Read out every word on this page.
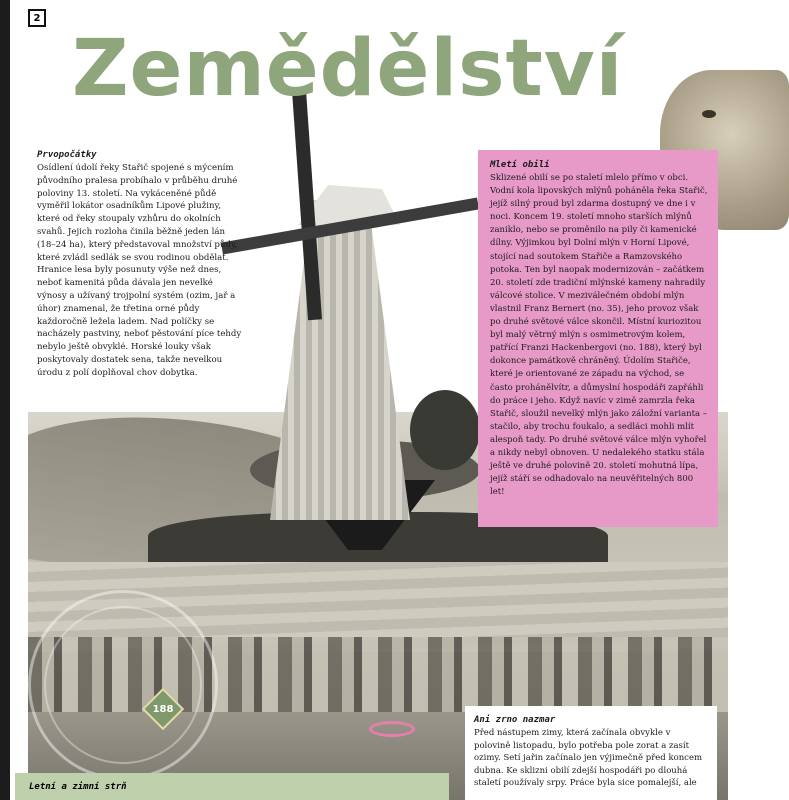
2
188
Zemědělství
Prvopočátky

Osídlení údolí řeky Stařič spojené s mýcením původního pralesa probíhalo v průběhu druhé poloviny 13. století. Na vykáceněné půdě vyměřil lokátor osadníkům Lipové plužiny, které od řeky stoupaly vzhůru do okolních svahů. Jejich rozloha činila běžně jeden lán (18–24 ha), který představoval množství půdy, které zvládl sedlák se svou rodinou obdělat. Hranice lesa byly posunuty výše než dnes, neboť kamenitá půda dávala jen nevelké výnosy a užívaný trojpolní systém (ozim, jař a úhor) znamenal, že třetina orné půdy každoročně ležela ladem. Nad políčky se nacházely pastviny, neboť pěstování píce tehdy nebylo ještě obvyklé. Horské louky však poskytovaly dostatek sena, takže nevelkou úrodu z polí doplňoval chov dobytka.

Mletí obilí

Sklizené obilí se po staletí mlelo přímo v obci. Vodní kola lipovských mlýnů poháněla řeka Stařič, jejíž silný proud byl zdarma dostupný ve dne i v noci. Koncem 19. století mnoho starších mlýnů zaniklo, nebo se proměnilo na pily či kamenické dílny. Výjimkou byl Dolní mlýn v Horní Lipové, stojící nad soutokem Stařiče a Ramzovského potoka. Ten byl naopak modernizován – začátkem 20. století zde tradiční mlýnské kameny nahradily válcové stolice. V meziválečném období mlýn vlastnil Franz Bernert (no. 35), jeho provoz však po druhé světové válce skončil. Místní kuriozitou byl malý větrný mlýn s osmimetrovým kolem, patřící Franzi Hackenbergovi (no. 188), který byl dokonce památkově chráněný. Údolím Stařiče, které je orientované ze západu na východ, se často prohánělvítr, a důmyslní hospodáři zapřáhli do práce i jeho. Když navíc v zimě zamrzla řeka Stařič, sloužil nevelký mlýn jako záložní varianta – stačilo, aby trochu foukalo, a sedláci mohli mlít alespoň tady. Po druhé světové válce mlýn vyhořel a nikdy nebyl obnoven. U nedalekého statku stála ještě ve druhé polovině 20. století mohutná lípa, jejíž stáří se odhadovalo na neuvěřitelných 800 let!

Ani zrno nazmar

Před nástupem zimy, která začínala obvykle v polovině listopadu, bylo potřeba pole zorat a zasít ozimy. Setí jařin začínalo jen výjimečně před koncem dubna. Ke sklizni obilí zdejší hospodáři po dlouhá staletí používaly srpy. Práce byla sice pomalejší, ale

Letní a zimní strň
